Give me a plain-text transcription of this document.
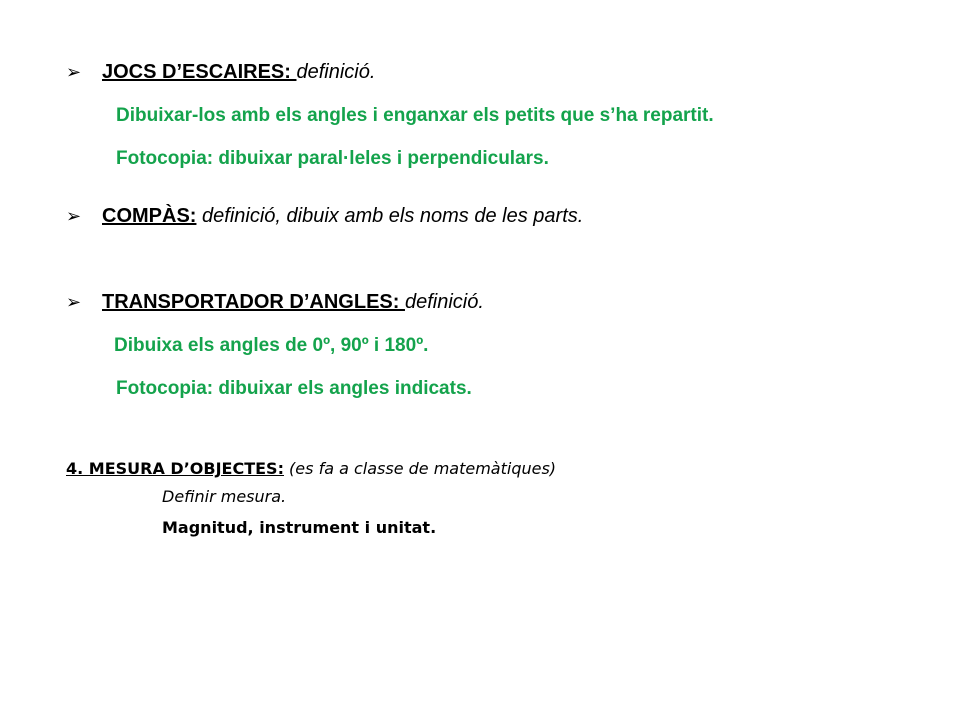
➢ JOCS D’ESCAIRES: definició.
Dibuixar-los amb els angles i enganxar els petits que s’ha repartit.
Fotocopia: dibuixar paral·leles i perpendiculars.
➢ COMPÀS: definició, dibuix amb els noms de les parts.
➢ TRANSPORTADOR D’ANGLES: definició.
Dibuixa els angles de 0º, 90º i 180º.
Fotocopia: dibuixar els angles indicats.
4. MESURA D’OBJECTES: (es fa a classe de matemàtiques)
Definir mesura.
Magnitud, instrument i unitat.
